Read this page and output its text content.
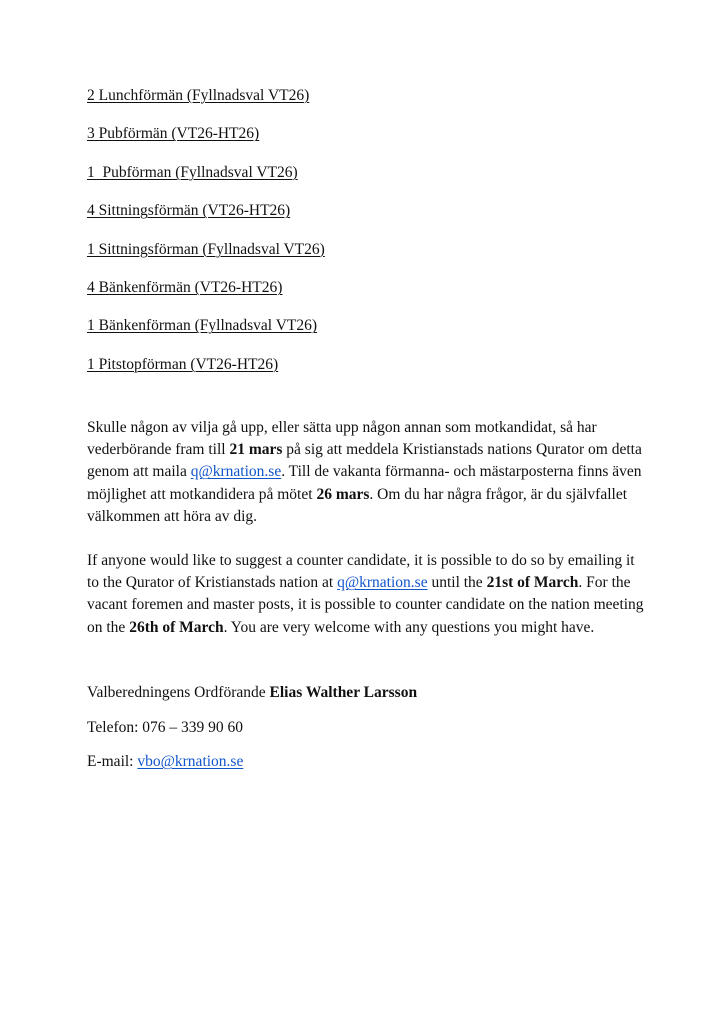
2 Lunchförmän (Fyllnadsval VT26)
3 Pubförmän (VT26-HT26)
1  Pubförman (Fyllnadsval VT26)
4 Sittningsförmän (VT26-HT26)
1 Sittningsförman (Fyllnadsval VT26)
4 Bänkenförmän (VT26-HT26)
1 Bänkenförman (Fyllnadsval VT26)
1 Pitstopförman (VT26-HT26)

Skulle någon av vilja gå upp, eller sätta upp någon annan som motkandidat, så har vederbörande fram till 21 mars på sig att meddela Kristianstads nations Qurator om detta genom att maila q@krnation.se. Till de vakanta förmanna- och mästarposterna finns även möjlighet att motkandidera på mötet 26 mars. Om du har några frågor, är du självfallet välkommen att höra av dig.

If anyone would like to suggest a counter candidate, it is possible to do so by emailing it to the Qurator of Kristianstads nation at q@krnation.se until the 21st of March. For the vacant foremen and master posts, it is possible to counter candidate on the nation meeting on the 26th of March. You are very welcome with any questions you might have.

Valberedningens Ordförande Elias Walther Larsson
Telefon: 076 – 339 90 60
E-mail: vbo@krnation.se
